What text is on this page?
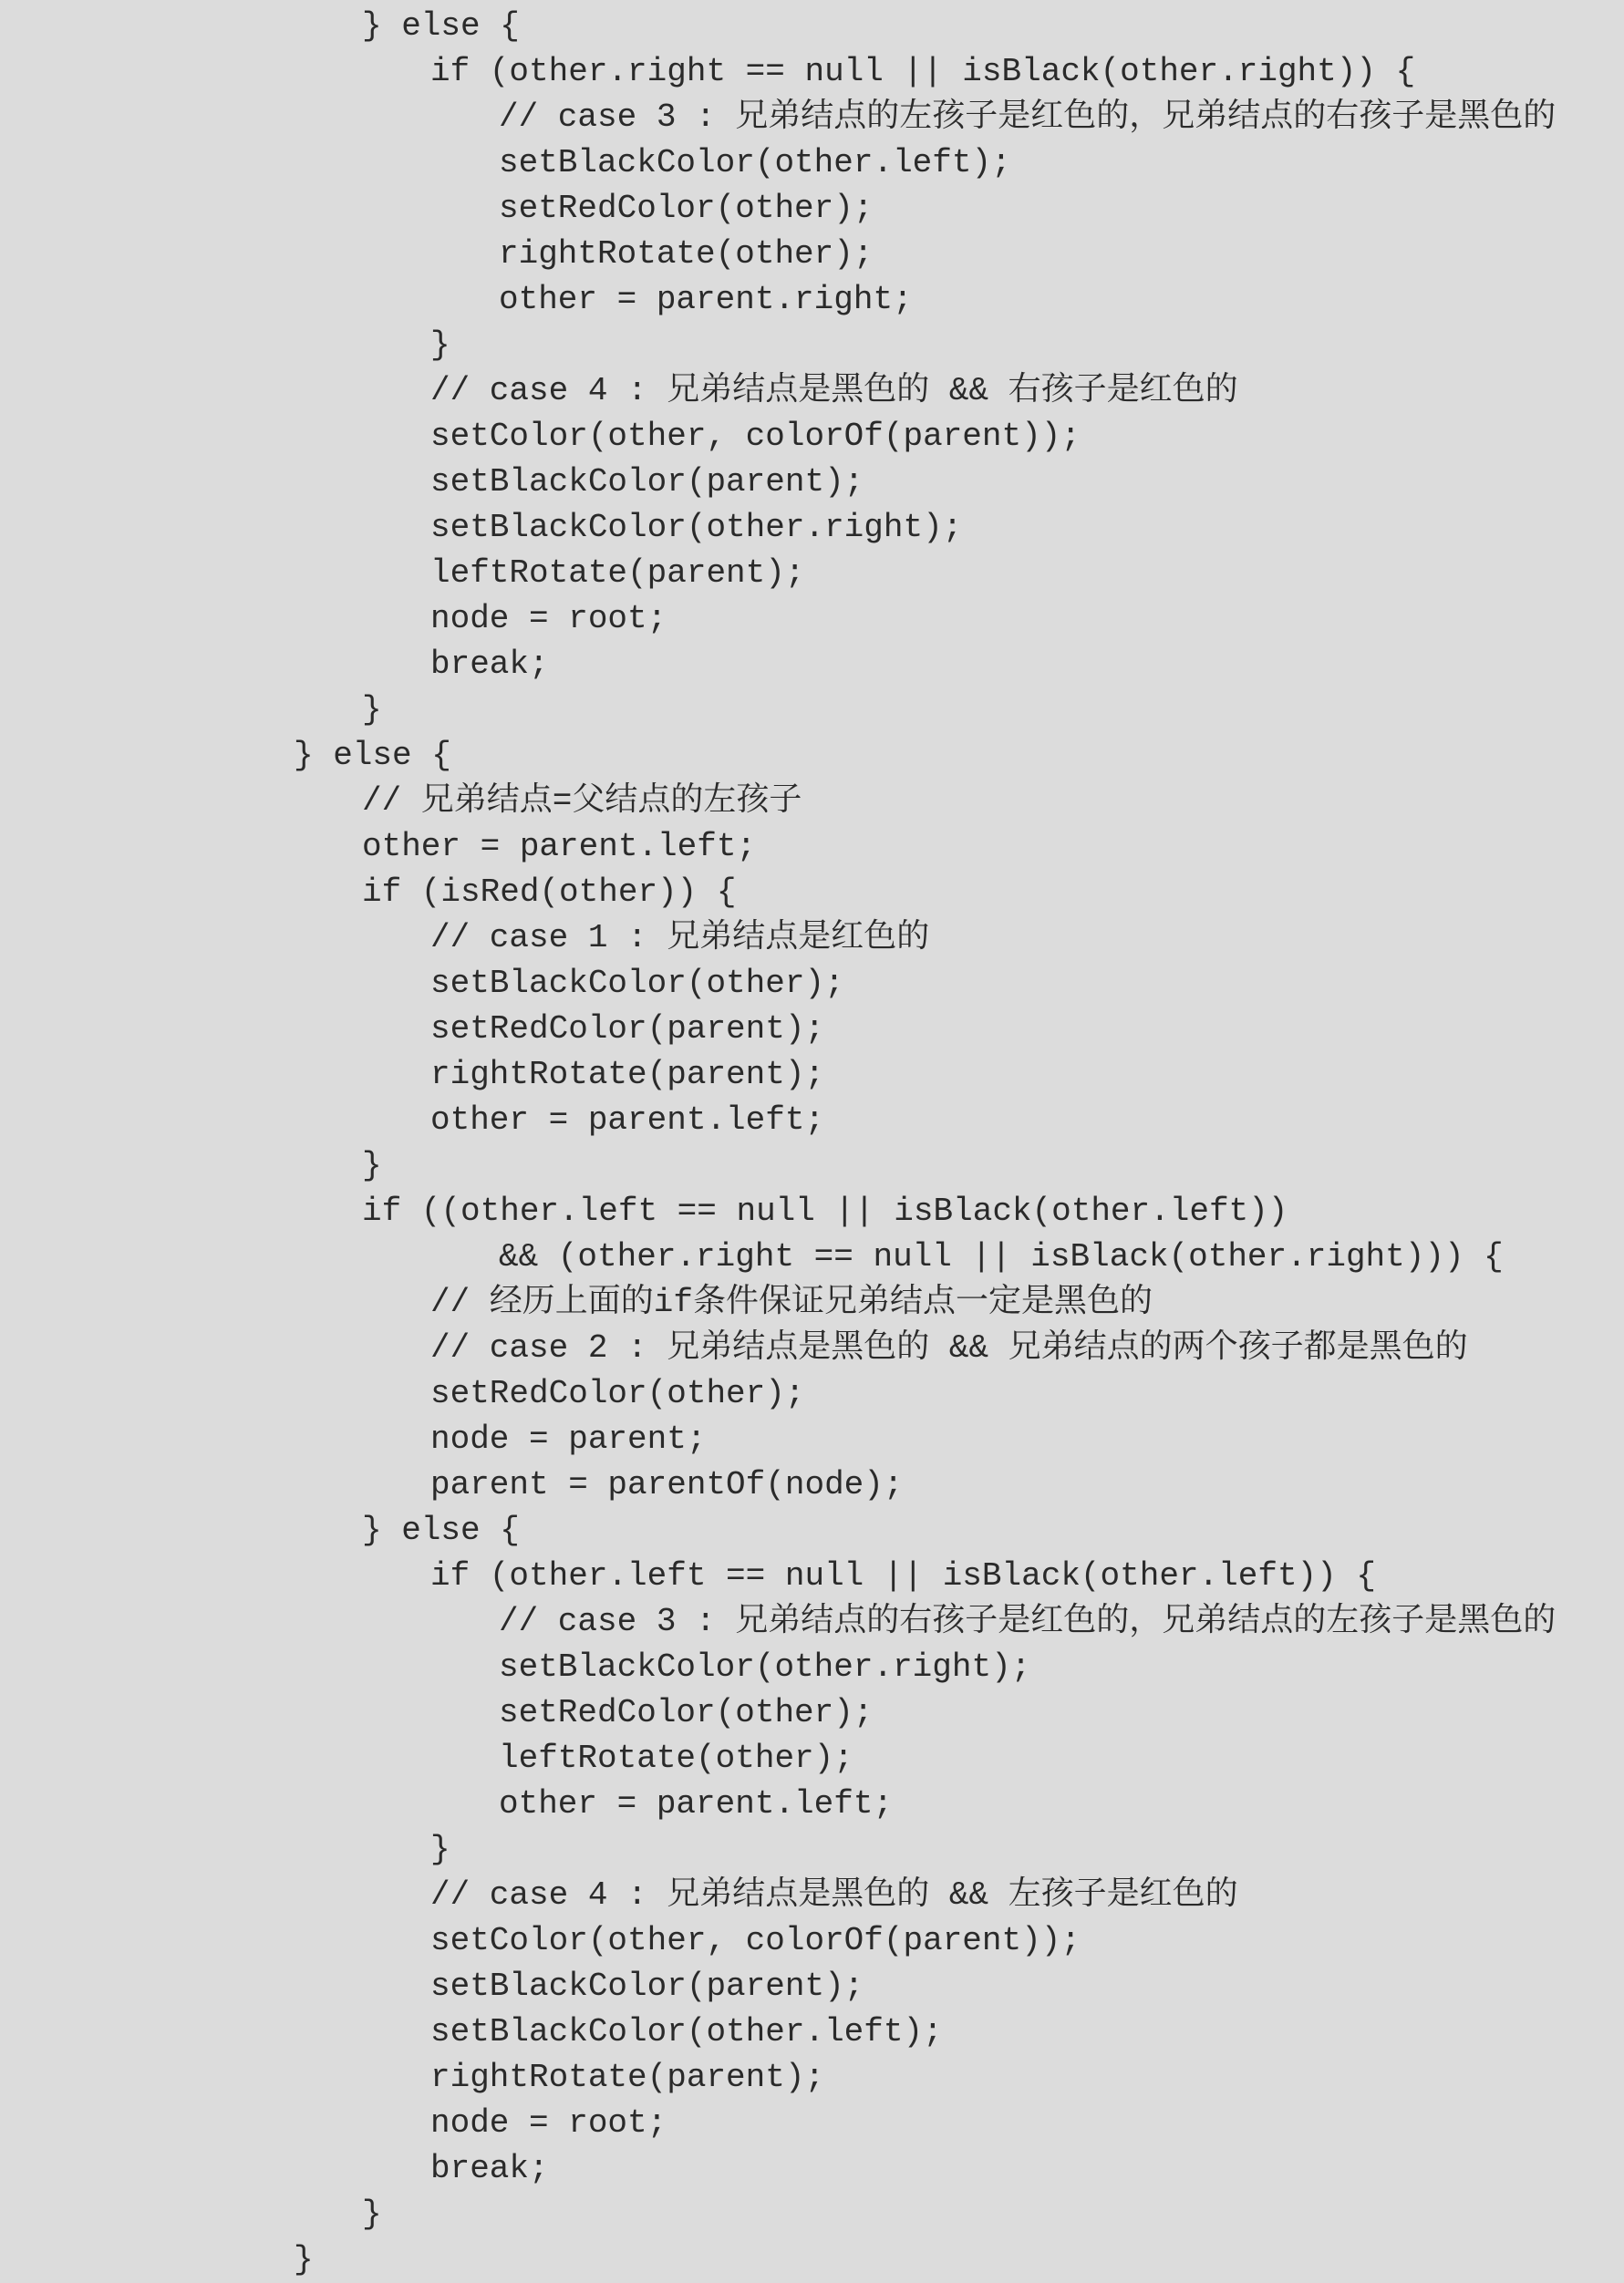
} else {
if (other.right == null || isBlack(other.right)) {
// case 3 : 兄弟结点的左孩子是红色的，兄弟结点的右孩子是黑色的
setBlackColor(other.left);
setRedColor(other);
rightRotate(other);
other = parent.right;
}
// case 4 : 兄弟结点是黑色的 && 右孩子是红色的
setColor(other, colorOf(parent));
setBlackColor(parent);
setBlackColor(other.right);
leftRotate(parent);
node = root;
break;
}
} else {
// 兄弟结点=父结点的左孩子
other = parent.left;
if (isRed(other)) {
// case 1 : 兄弟结点是红色的
setBlackColor(other);
setRedColor(parent);
rightRotate(parent);
other = parent.left;
}
if ((other.left == null || isBlack(other.left))
&& (other.right == null || isBlack(other.right))) {
// 经历上面的if条件保证兄弟结点一定是黑色的
// case 2 : 兄弟结点是黑色的 && 兄弟结点的两个孩子都是黑色的
setRedColor(other);
node = parent;
parent = parentOf(node);
} else {
if (other.left == null || isBlack(other.left)) {
// case 3 : 兄弟结点的右孩子是红色的，兄弟结点的左孩子是黑色的
setBlackColor(other.right);
setRedColor(other);
leftRotate(other);
other = parent.left;
}
// case 4 : 兄弟结点是黑色的 && 左孩子是红色的
setColor(other, colorOf(parent));
setBlackColor(parent);
setBlackColor(other.left);
rightRotate(parent);
node = root;
break;
}
}
